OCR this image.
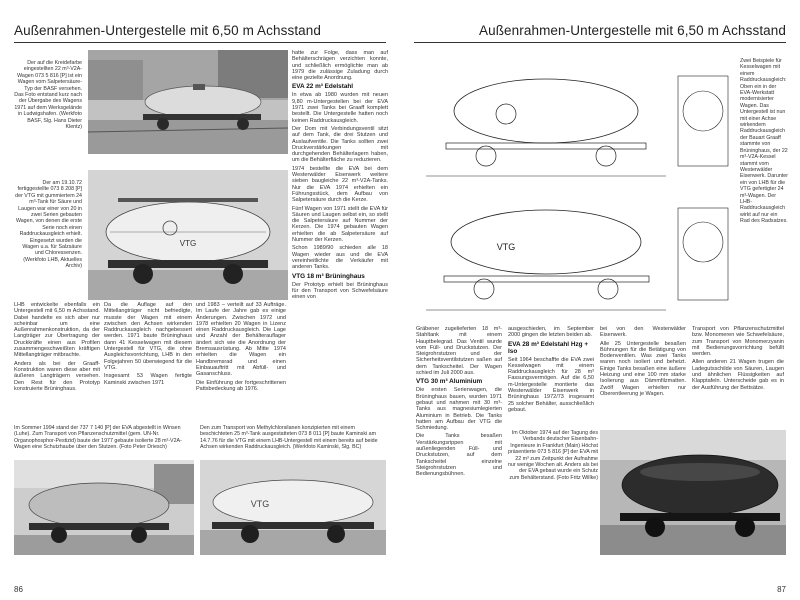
Außenrahmen-Untergestelle mit 6,50 m Achsstand
Der auf die Kreidefarbe eingestellten 22 m³-V2A-Wagen 073 5 816 [P] ist ein Wagen vom Salpetersäure-Typ der BASF versehen. Das Foto entstand kurz nach der Übergabe des Wagens 1971 auf dem Werksgelände in Ludwigshafen. (Werkfoto BASF, Slg. Hans Dieter Klentz)
VTG
Der am 19.10.72 fertiggestellte 073 8 208 [P] der VTG mit gummiertem 24 m³-Tank für Säure und Laugen war einer von 20 in zwei Serien gebauten Wagen, von denen die erste Serie noch einen Raddruckausgleich erhielt. Eingesetzt wurden die Wagen u.a. für Salzsäure und Chloressenzen. (Werkfoto LHB, Aktuelles Archiv)

hatte zur Folge, dass man auf Behälterschrägen verzichten konnte, und schließlich ermöglichte man ab 1979 die zulässige Zuladung durch eine gezielte Anordnung.

EVA 22 m³ Edelstahl

In etwa ab 1980 wurden mit neuen 9,80 m-Untergestellen bei der EVA 1971 zwei Tanks bei Graaff komplett bestellt. Die Untergestelle hatten noch keinen Raddruckausgleich.

Der Dom mit Verbindungsventil sitzt auf dem Tank, die drei Stutzen und Auslaufventile. Die Tanks sollten zwei Druckverstärkungen mit durchgehenden Behälterlagern haben, um die Behälterfläche zu reduzieren.

1974 bestellte die EVA bei dem Westerwälder Eisenwerk weitere sieben baugleiche 22 m³-V2A-Tanks. Nur die EVA 1974 erhielten ein Führungsstück, dem Aufbau von Salpetersäure durch die Kerze.

Fünf Wagen von 1971 stellt die EVA für Säuren und Laugen selbst ein, so stellt die Salpetersäure auf Nummer der Kerzen. Die 1974 gebauten Wagen erhielten die ab Salpetersäure auf Nummer der Kerzen.

Schon 1989/90 schieden alle 18 Wagen wieder aus und die EVA vereinheitlichte die Verkäufer mit anderen Tanks.

VTG 18 m³ Brüninghaus

Der Prototyp erhielt bei Brüninghaus für den Transport von Schwefelsäure einen von

LHB entwickelte ebenfalls ein Untergestell mit 6,50 m Achsstand. Dabei handelte es sich aber nur scheinbar um eine Außenrahmenkonstruktion, da der Langträger zur Übertragung der Druckkräfte einen aus Profilen zusammengeschweißten kräftigen Mittellangträger mitbrachte.

Anders als bei der Graaff-Konstruktion waren diese aber mit äußeren Langträgern versehen. Den Rest für den Prototyp konstruierte Brüninghaus.

Da die Auflage auf den Mittellangträger nicht befriedigte, musste der Wagen mit einem zwischen den Achsen wirkenden Raddruckausgleich nachgebessert werden. 1971 baute Brüninghaus dann 41 Kesselwagen mit diesem Untergestell für VTG, die ohne Ausgleichsvorrichtung, LHB in den Folgejahren 50 überwiegend für die VTG.

Insgesamt 53 Wagen fertigte Kaminski zwischen 1971

und 1983 – verteilt auf 33 Aufträge. Im Laufe der Jahre gab es einige Änderungen. Zwischen 1972 und 1978 erhielten 20 Wagen in Lizenz einen Raddruckausgleich. Die Lage und Anzahl der Behälterauflager ändert sich wie die Anordnung der Bremsausrüstung. Ab Mitte 1974 erhielten die Wagen ein Handbremsrad und einen Einbauauftritt mit Abfüll- und Gasanschluss.

Die Einführung der fortgeschrittenen Pattsbedeckung ab 1976.

Im Sommer 1994 stand der 737 7 140 [P] der EVA abgestellt in Winsen (Luhe). Zum Transport von Pflanzenschutzmittel (gem. UN-Nr. Organophosphor-Pestizid) baute der 1977 gebaute isolierte 28 m³-V2A-Wagen eine Schutzhaube über den Stutzen. (Foto Peter Driesch)
Den zum Transport von Methylchlorsilanen konzipierten mit einem beschichteten 25 m³-Tank ausgestatteten 073 8 011 [P] baute Kaminski am 14.7.76 für die VTG mit einem LHB-Untergestell mit einem bereits auf beide Achsen wirkenden Raddruckausgleich. (Werkfoto Kaminski, Slg. BC)
VTG
86
Außenrahmen-Untergestelle mit 6,50 m Achsstand
VTG
Zwei Beispiele für Kesselwagen mit einem Raddruckausgleich: Oben ein in der EVA-Werkstatt modernisierter Wagen. Das Untergestell ist nun mit einer Achse wirkendem Raddruckausgleich der Bauart Graaff stammte von Brüninghaus, der 22 m³-V2A-Kessel stammt vom Westerwälder Eisenwerk. Darunter ein von LHB für die VTG gefertigter 24 m³-Wagen. Der LHB-Raddruckausgleich wirkt auf nur ein Rad des Radsatzes.

Gräbener zugelieferten 18 m³-Stahltank mit einem Hauptbelegrad. Das Ventil wurde vom Füll- und Druckstutzen. Der Steigrohrstutzen und der Sicherheitsventilstutzen saßen auf dem Tankscheitel. Der Wagen schied im Juli 2000 aus.

VTG 30 m³ Aluminium

Die ersten Serienwagen, die Brüninghaus bauen, wurden 1971 gebaut und nahmen mit 30 m³-Tanks aus magnesiumlegierten Aluminium in Betrieb. Die Tanks hatten am Aufbau der VTG die Schmiedung.

Die Tanks besaßen Verstärkungsrippen mit außenliegenden Füll- und Druckstutzen, auf dem Tankscheitel einzelne Steigrohrstutzen und Bedienungsbühnen.

ausgeschieden, im September 2000 gingen die letzten beiden ab.

EVA 28 m³ Edelstahl Hzg + Iso

Seit 1964 beschaffte die EVA zwei Kesselwagen mit einem Raddruckausgleich für 28 m³ Fassungsvermögen. Auf die 6,50 m-Untergestelle montierte das Westerwälder Eisenwerk in Brüninghaus 1972/73 insgesamt 25 solcher Behälter, ausschließlich gebaut.

bei von den Westerwälder Eisenwerk.

Alle 25 Untergestelle besaßen Bühnungen für die Betätigung von Bodenventilen. Was zwei Tanks waren noch isoliert und beheizt. Einige Tanks besaßen eine äußere Heizung und eine 100 mm starke Isolierung aus Dämmfilzmatten. Zwölf Wagen erhielten nur Oberentleerung je Wagen.

Transport von Pflanzenschutzmittel bzw. Monomeren wie Schwefelsäure, zum Transport von Monomerzyanin mit Bedienungsvorrichtung befüllt werden.

Allen anderen 21 Wagen trugen die Ladegutsschilde von Säuren, Laugen und ähnlichen Flüssigkeiten auf Klapptafeln. Unterscheide gab es in der Ausführung der Bettsätze.

Im Oktober 1974 auf der Tagung des Verbands deutscher Eisenbahn-Ingenieure in Frankfurt (Main) Höchst präsentierte 073 5 816 [P] der EVA mit 22 m³ zum Zeitpunkt der Aufnahme nur wenige Wochen alt. Anders als bei der EVA gebaut wurde ein Schutz zum Behälterstand. (Foto Fritz Willke)
87
